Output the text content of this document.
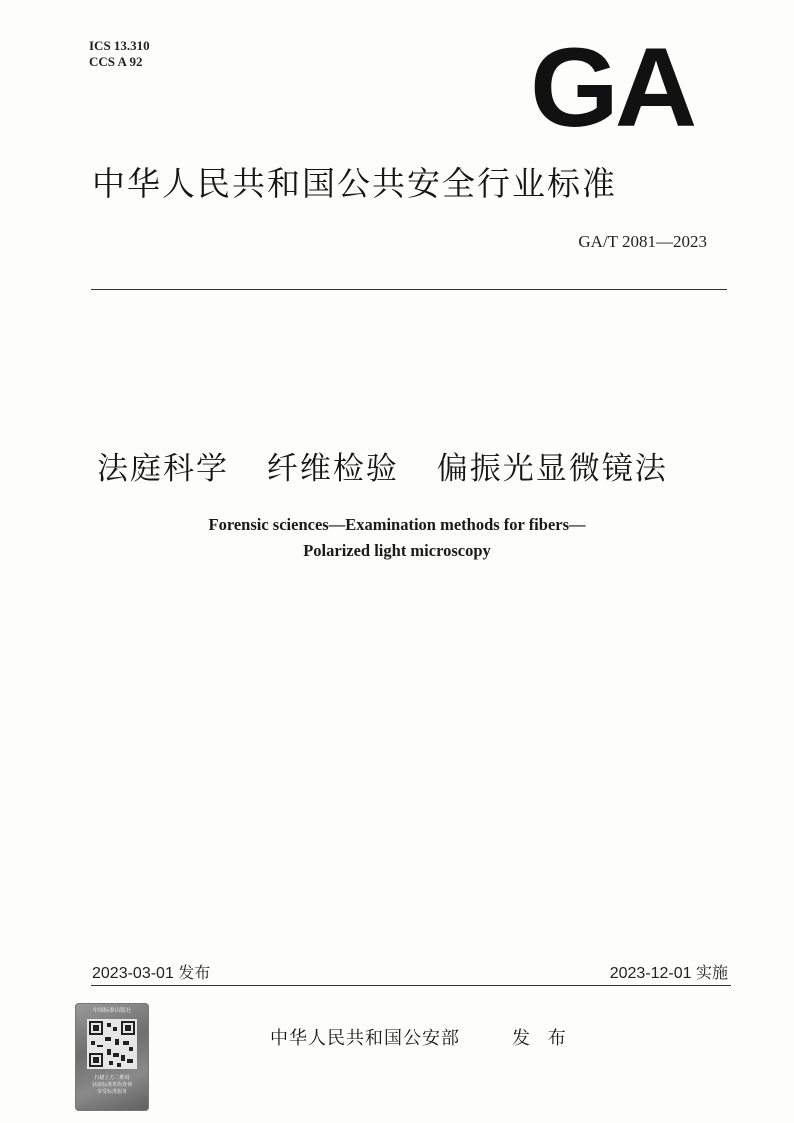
ICS 13.310
CCS A 92	GA
中华人民共和国公共安全行业标准
GA/T 2081—2023
法庭科学 纤维检验 偏振光显微镜法
Forensic sciences—Examination methods for fibers—
Polarized light microscopy
2023-03-01 发布	2023-12-01 实施
中国标准出版社
扫描上方二维码
获取标准真伪查询
享受标准服务
中华人民共和国公安部	发 布
